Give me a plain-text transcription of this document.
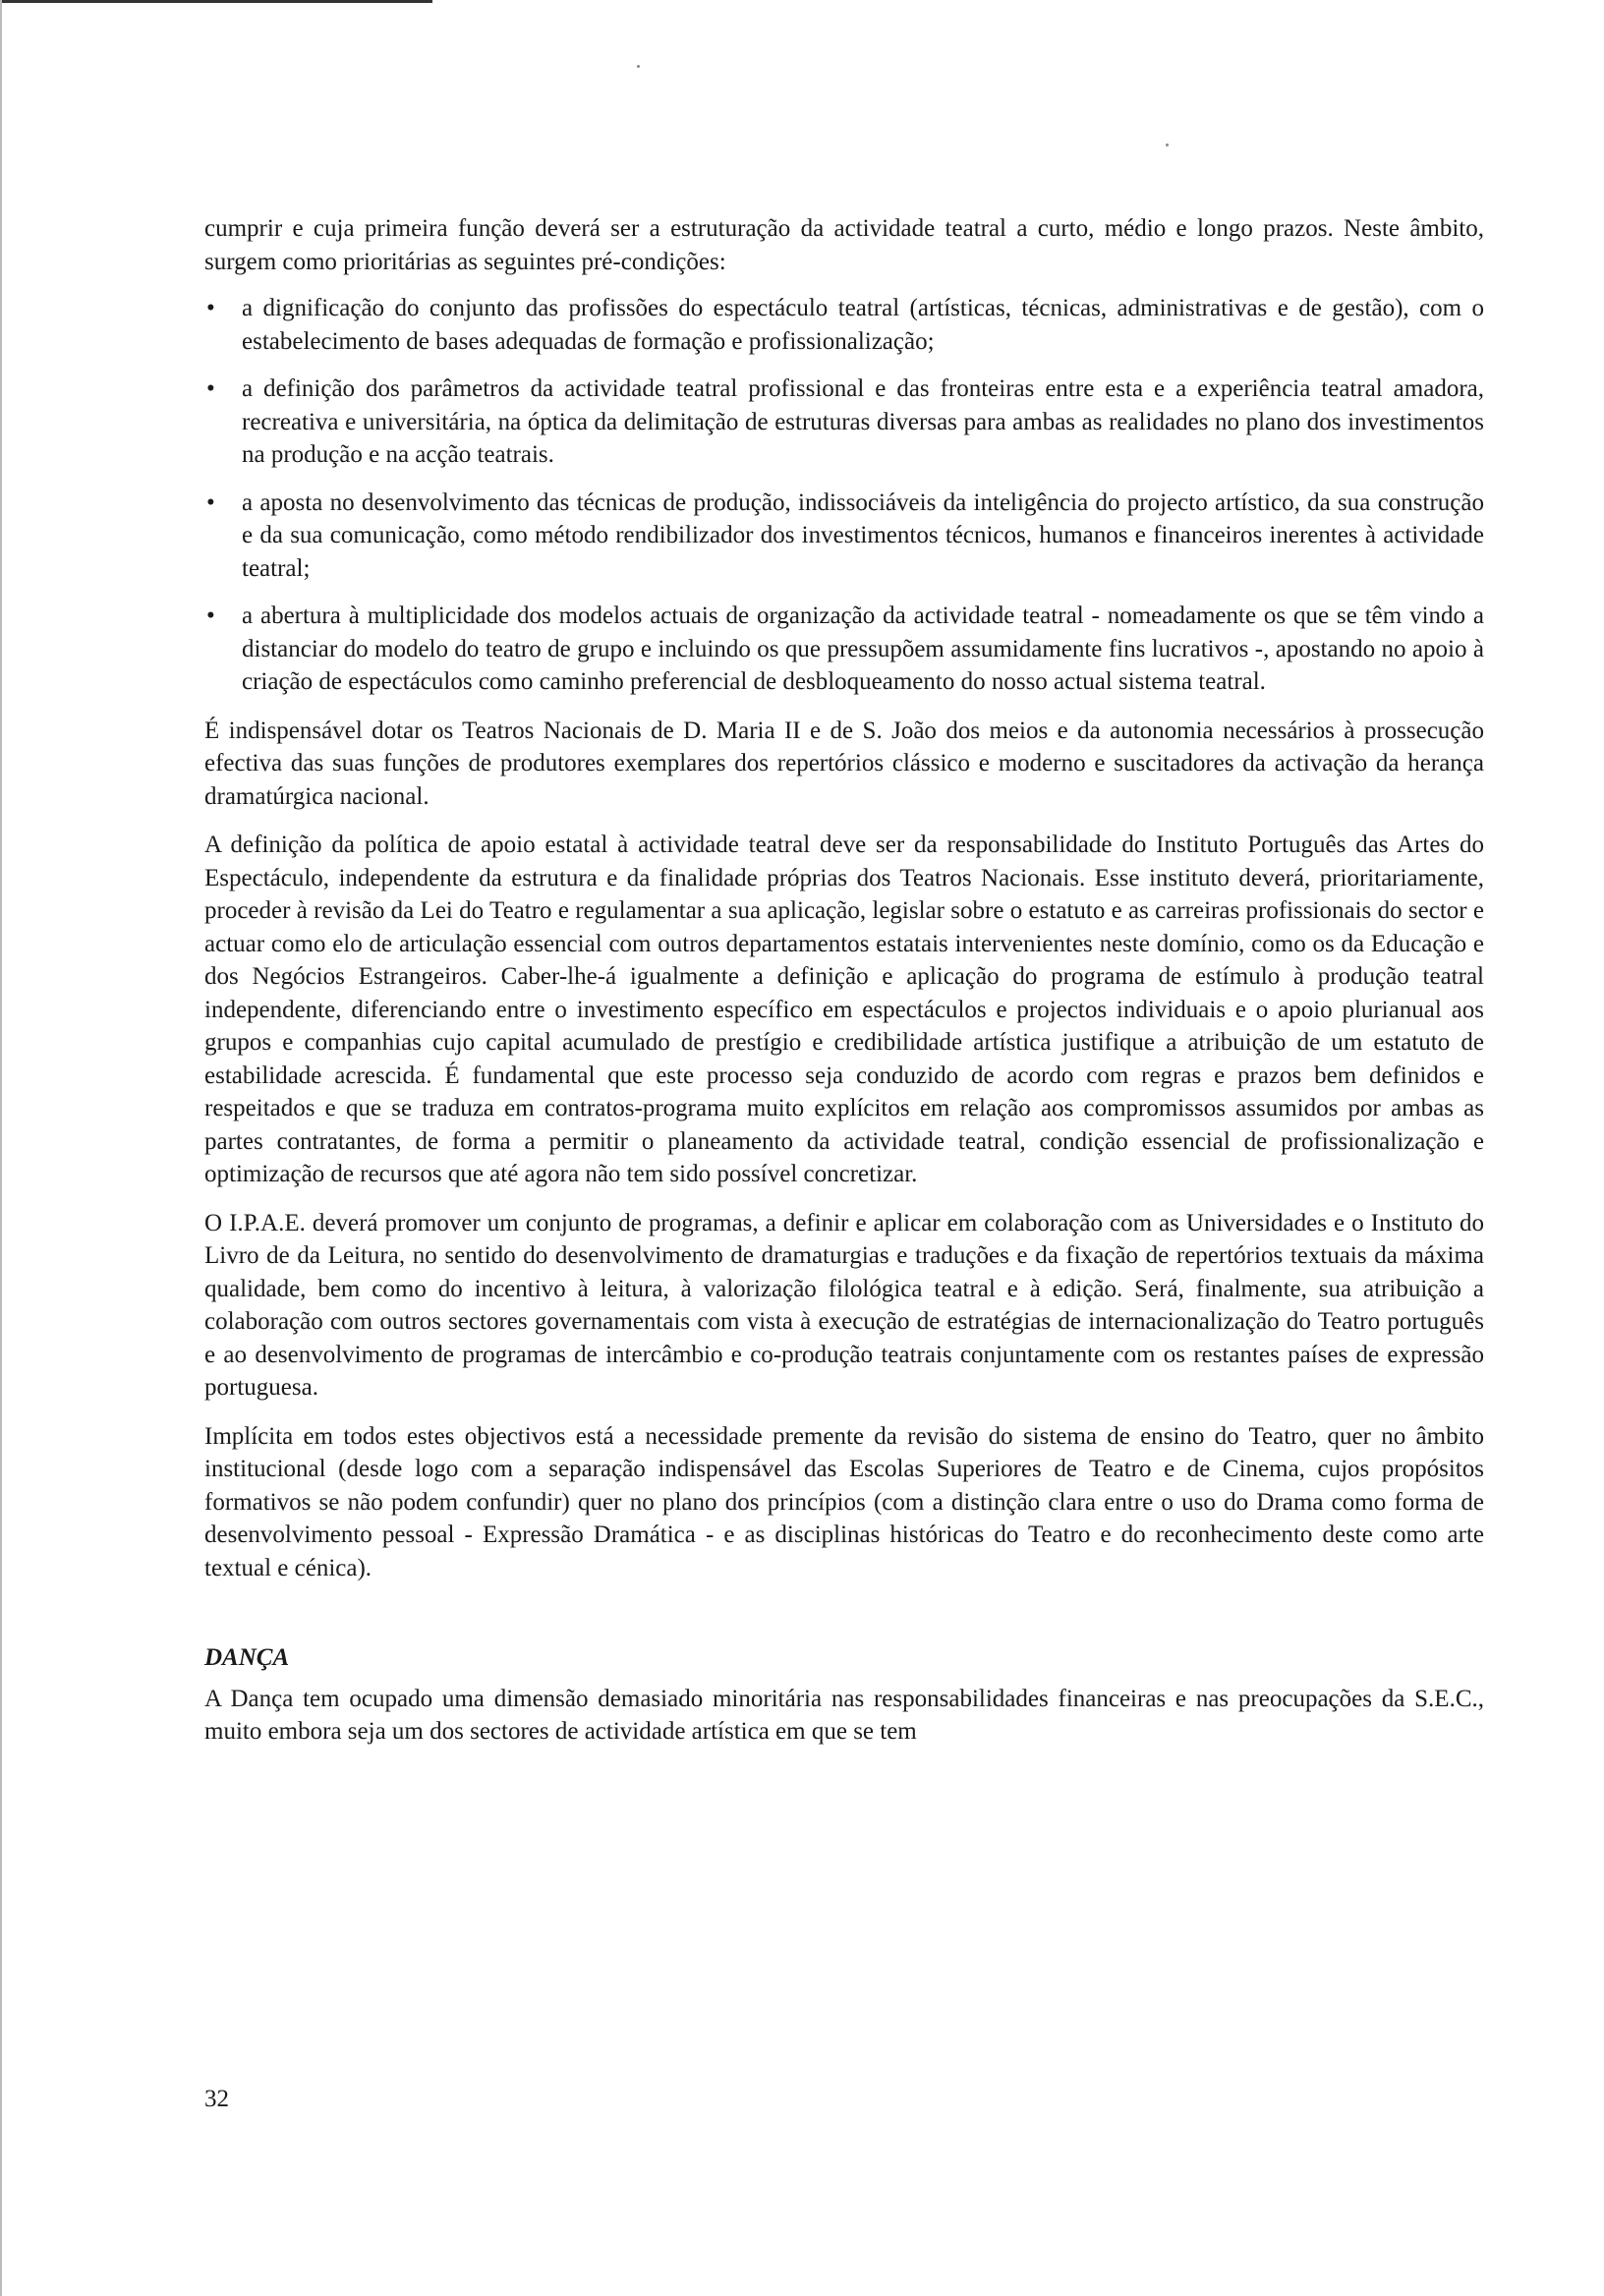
cumprir e cuja primeira função deverá ser a estruturação da actividade teatral a curto, médio e longo prazos. Neste âmbito, surgem como prioritárias as seguintes pré-condições:

•	a dignificação do conjunto das profissões do espectáculo teatral (artísticas, técnicas, administrativas e de gestão), com o estabelecimento de bases adequadas de formação e profissionalização;
•	a definição dos parâmetros da actividade teatral profissional e das fronteiras entre esta e a experiência teatral amadora, recreativa e universitária, na óptica da delimitação de estruturas diversas para ambas as realidades no plano dos investimentos na produção e na acção teatrais.
•	a aposta no desenvolvimento das técnicas de produção, indissociáveis da inteligência do projecto artístico, da sua construção e da sua comunicação, como método rendibilizador dos investimentos técnicos, humanos e financeiros inerentes à actividade teatral;
•	a abertura à multiplicidade dos modelos actuais de organização da actividade teatral - nomeadamente os que se têm vindo a distanciar do modelo do teatro de grupo e incluindo os que pressupõem assumidamente fins lucrativos -, apostando no apoio à criação de espectáculos como caminho preferencial de desbloqueamento do nosso actual sistema teatral.

É indispensável dotar os Teatros Nacionais de D. Maria II e de S. João dos meios e da autonomia necessários à prossecução efectiva das suas funções de produtores exemplares dos repertórios clássico e moderno e suscitadores da activação da herança dramatúrgica nacional.

A definição da política de apoio estatal à actividade teatral deve ser da responsabilidade do Instituto Português das Artes do Espectáculo, independente da estrutura e da finalidade próprias dos Teatros Nacionais. Esse instituto deverá, prioritariamente, proceder à revisão da Lei do Teatro e regulamentar a sua aplicação, legislar sobre o estatuto e as carreiras profissionais do sector e actuar como elo de articulação essencial com outros departamentos estatais intervenientes neste domínio, como os da Educação e dos Negócios Estrangeiros. Caber-lhe-á igualmente a definição e aplicação do programa de estímulo à produção teatral independente, diferenciando entre o investimento específico em espectáculos e projectos individuais e o apoio plurianual aos grupos e companhias cujo capital acumulado de prestígio e credibilidade artística justifique a atribuição de um estatuto de estabilidade acrescida. É fundamental que este processo seja conduzido de acordo com regras e prazos bem definidos e respeitados e que se traduza em contratos-programa muito explícitos em relação aos compromissos assumidos por ambas as partes contratantes, de forma a permitir o planeamento da actividade teatral, condição essencial de profissionalização e optimização de recursos que até agora não tem sido possível concretizar.

O I.P.A.E. deverá promover um conjunto de programas, a definir e aplicar em colaboração com as Universidades e o Instituto do Livro de da Leitura, no sentido do desenvolvimento de dramaturgias e traduções e da fixação de repertórios textuais da máxima qualidade, bem como do incentivo à leitura, à valorização filológica teatral e à edição. Será, finalmente, sua atribuição a colaboração com outros sectores governamentais com vista à execução de estratégias de internacionalização do Teatro português e ao desenvolvimento de programas de intercâmbio e co-produção teatrais conjuntamente com os restantes países de expressão portuguesa.

Implícita em todos estes objectivos está a necessidade premente da revisão do sistema de ensino do Teatro, quer no âmbito institucional (desde logo com a separação indispensável das Escolas Superiores de Teatro e de Cinema, cujos propósitos formativos se não podem confundir) quer no plano dos princípios (com a distinção clara entre o uso do Drama como forma de desenvolvimento pessoal - Expressão Dramática - e as disciplinas históricas do Teatro e do reconhecimento deste como arte textual e cénica).

DANÇA

A Dança tem ocupado uma dimensão demasiado minoritária nas responsabilidades financeiras e nas preocupações da S.E.C., muito embora seja um dos sectores de actividade artística em que se tem

32
